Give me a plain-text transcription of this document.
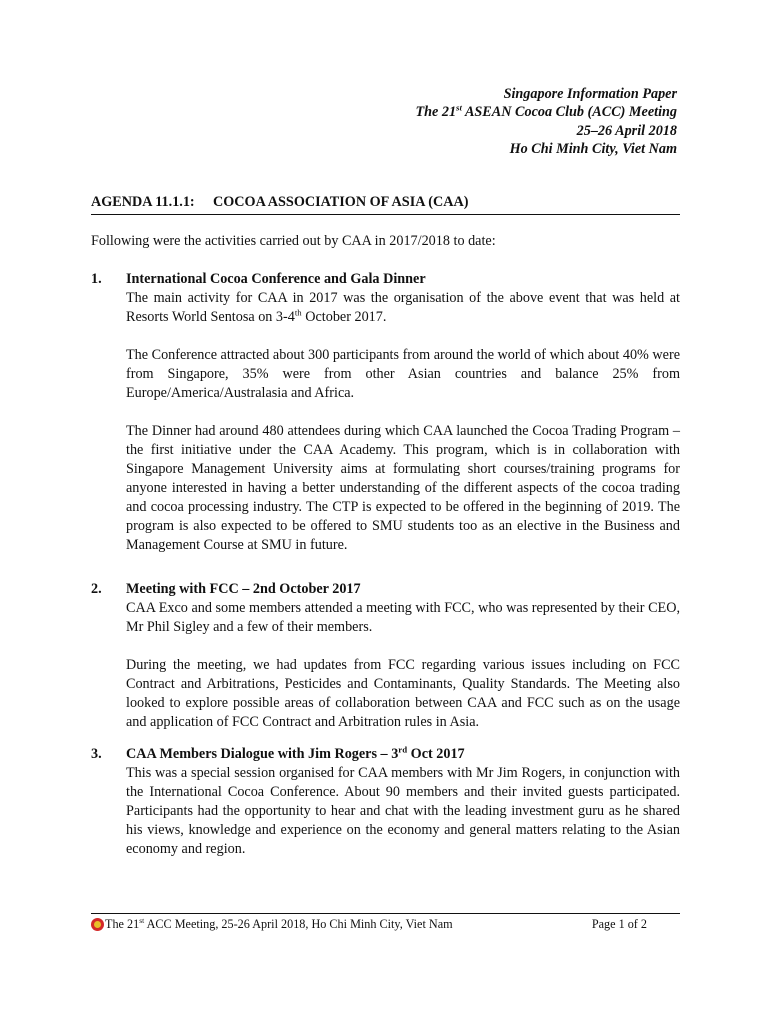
Singapore Information Paper
The 21st ASEAN Cocoa Club (ACC) Meeting
25–26 April 2018
Ho Chi Minh City, Viet Nam
AGENDA 11.1.1: COCOA ASSOCIATION OF ASIA (CAA)
Following were the activities carried out by CAA in 2017/2018 to date:
1. International Cocoa Conference and Gala Dinner

The main activity for CAA in 2017 was the organisation of the above event that was held at Resorts World Sentosa on 3-4th October 2017.

The Conference attracted about 300 participants from around the world of which about 40% were from Singapore, 35% were from other Asian countries and balance 25% from Europe/America/Australasia and Africa.

The Dinner had around 480 attendees during which CAA launched the Cocoa Trading Program – the first initiative under the CAA Academy. This program, which is in collaboration with Singapore Management University aims at formulating short courses/training programs for anyone interested in having a better understanding of the different aspects of the cocoa trading and cocoa processing industry. The CTP is expected to be offered in the beginning of 2019. The program is also expected to be offered to SMU students too as an elective in the Business and Management Course at SMU in future.

2. Meeting with FCC – 2nd October 2017

CAA Exco and some members attended a meeting with FCC, who was represented by their CEO, Mr Phil Sigley and a few of their members.

During the meeting, we had updates from FCC regarding various issues including on FCC Contract and Arbitrations, Pesticides and Contaminants, Quality Standards. The Meeting also looked to explore possible areas of collaboration between CAA and FCC such as on the usage and application of FCC Contract and Arbitration rules in Asia.

3. CAA Members Dialogue with Jim Rogers – 3rd Oct 2017

This was a special session organised for CAA members with Mr Jim Rogers, in conjunction with the International Cocoa Conference. About 90 members and their invited guests participated. Participants had the opportunity to hear and chat with the leading investment guru as he shared his views, knowledge and experience on the economy and general matters relating to the Asian economy and region.

The 21st ACC Meeting, 25-26 April 2018, Ho Chi Minh City, Viet Nam	Page 1 of 2
